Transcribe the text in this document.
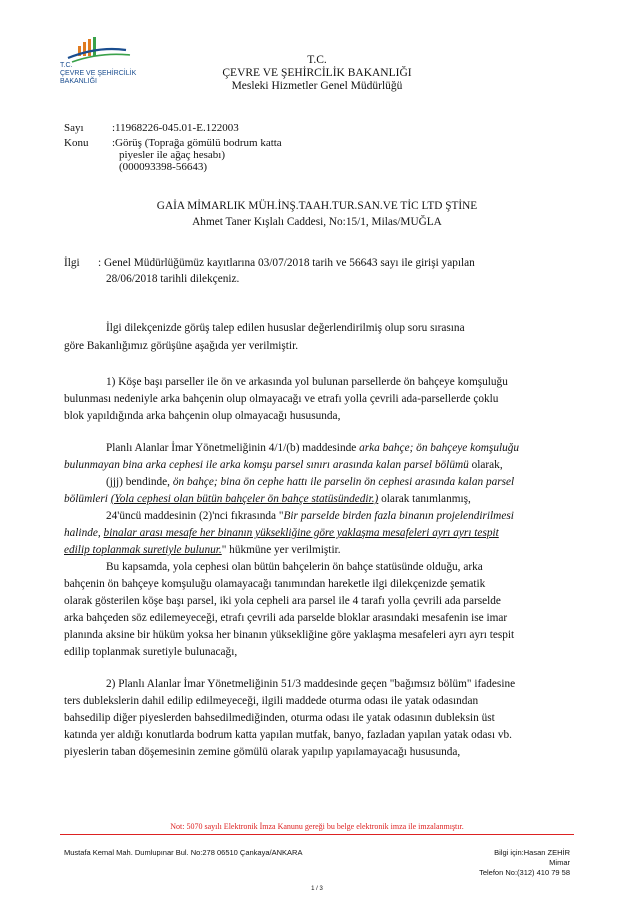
T.C.
ÇEVRE VE ŞEHİRCİLİK
BAKANLIĞI
T.C.
ÇEVRE VE ŞEHİRCİLİK BAKANLIĞI
Mesleki Hizmetler Genel Müdürlüğü
Sayı	:11968226-045.01-E.122003
Konu :Görüş (Toprağa gömülü bodrum katta
piyesler ile ağaç hesabı)
(000093398-56643)
GAİA MİMARLIK MÜH.İNŞ.TAAH.TUR.SAN.VE TİC LTD ŞTİNE
Ahmet Taner Kışlalı Caddesi, No:15/1, Milas/MUĞLA
İlgi : Genel Müdürlüğümüz kayıtlarına 03/07/2018 tarih ve 56643 sayı ile girişi yapılan
28/06/2018 tarihli dilekçeniz.
İlgi dilekçenizde görüş talep edilen hususlar değerlendirilmiş olup soru sırasına
göre Bakanlığımız görüşüne aşağıda yer verilmiştir.
1) Köşe başı parseller ile ön ve arkasında yol bulunan parsellerde ön bahçeye komşuluğu
bulunması nedeniyle arka bahçenin olup olmayacağı ve etrafı yolla çevrili ada-parsellerde çoklu
blok yapıldığında arka bahçenin olup olmayacağı hususunda,
Planlı Alanlar İmar Yönetmeliğinin 4/1/(b) maddesinde arka bahçe; ön bahçeye komşuluğu
bulunmayan bina arka cephesi ile arka komşu parsel sınırı arasında kalan parsel bölümü olarak,
(jjj) bendinde, ön bahçe; bina ön cephe hattı ile parselin ön cephesi arasında kalan parsel
bölümleri (Yola cephesi olan bütün bahçeler ön bahçe statüsündedir.) olarak tanımlanmış,
24'üncü maddesinin (2)'nci fıkrasında "Bir parselde birden fazla binanın projelendirilmesi
halinde, binalar arası mesafe her binanın yüksekliğine göre yaklaşma mesafeleri ayrı ayrı tespit
edilip toplanmak suretiyle bulunur." hükmüne yer verilmiştir.
Bu kapsamda, yola cephesi olan bütün bahçelerin ön bahçe statüsünde olduğu, arka
bahçenin ön bahçeye komşuluğu olamayacağı tanımından hareketle ilgi dilekçenizde şematik
olarak gösterilen köşe başı parsel, iki yola cepheli ara parsel ile 4 tarafı yolla çevrili ada parselde
arka bahçeden söz edilemeyeceği, etrafı çevrili ada parselde bloklar arasındaki mesafenin ise imar
planında aksine bir hüküm yoksa her binanın yüksekliğine göre yaklaşma mesafeleri ayrı ayrı tespit
edilip toplanmak suretiyle bulunacağı,
2) Planlı Alanlar İmar Yönetmeliğinin 51/3 maddesinde geçen "bağımsız bölüm" ifadesine
ters dublekslerin dahil edilip edilmeyeceği, ilgili maddede oturma odası ile yatak odasından
bahsedilip diğer piyeslerden bahsedilmediğinden, oturma odası ile yatak odasının dubleksin üst
katında yer aldığı konutlarda bodrum katta yapılan mutfak, banyo, fazladan yapılan yatak odası vb.
piyeslerin taban döşemesinin zemine gömülü olarak yapılıp yapılamayacağı hususunda,
Not: 5070 sayılı Elektronik İmza Kanunu gereği bu belge elektronik imza ile imzalanmıştır.
Mustafa Kemal Mah. Dumlupınar Bul. No:278 06510 Çankaya/ANKARA	Bilgi için:Hasan ZEHİR
Mimar
Telefon No:(312) 410 79 58
1 / 3
